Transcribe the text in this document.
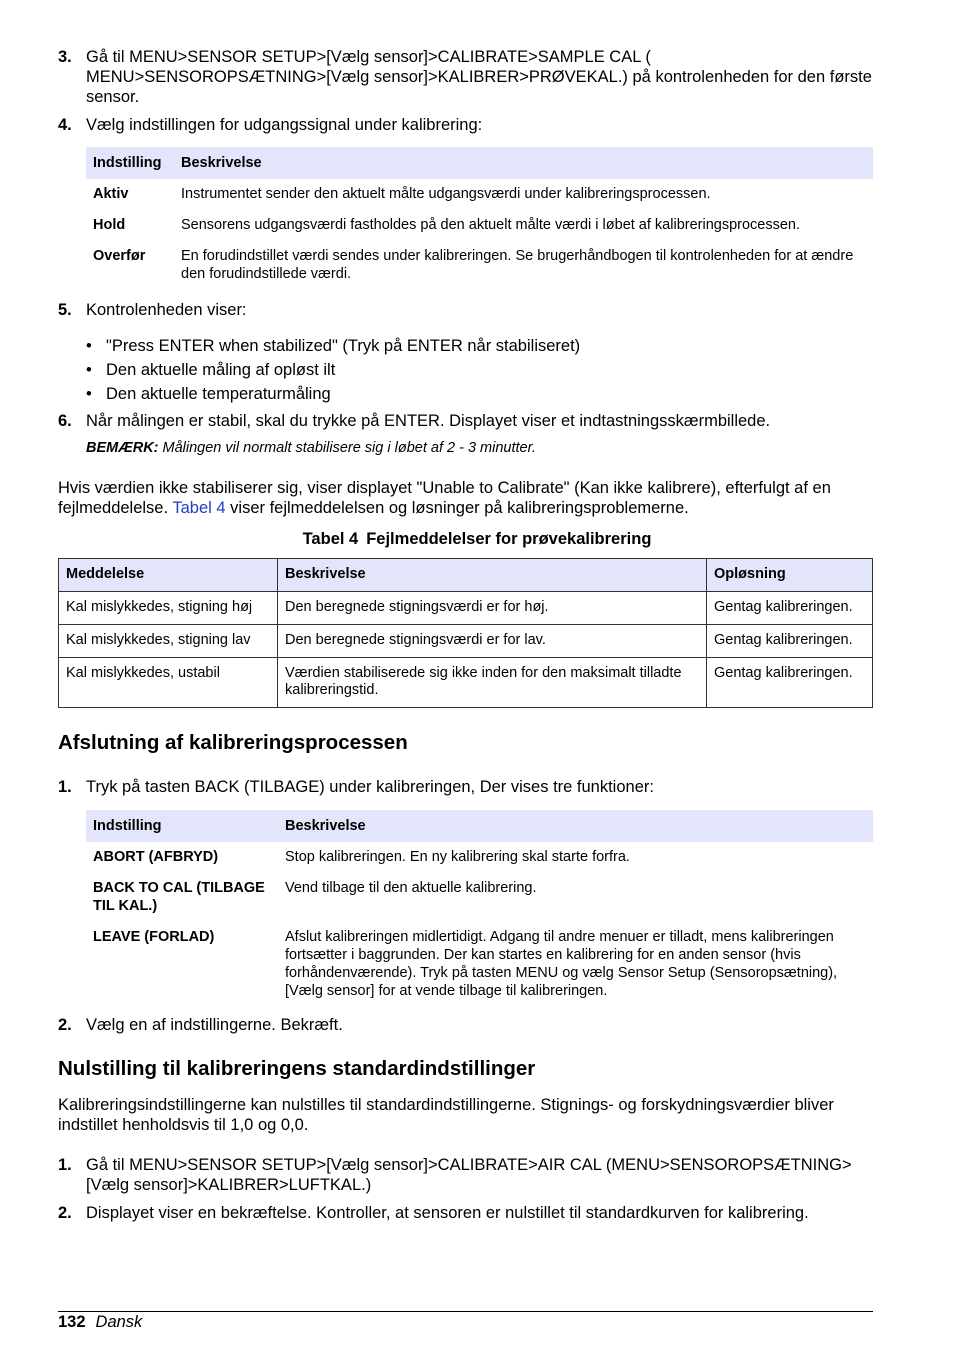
3. Gå til MENU>SENSOR SETUP>[Vælg sensor]>CALIBRATE>SAMPLE CAL ( MENU>SENSOROPSÆTNING>[Vælg sensor]>KALIBRER>PRØVEKAL.) på kontrolenheden for den første sensor.
4. Vælg indstillingen for udgangssignal under kalibrering:
Indstilling	Beskrivelse
Aktiv	Instrumentet sender den aktuelt målte udgangsværdi under kalibreringsprocessen.
Hold	Sensorens udgangsværdi fastholdes på den aktuelt målte værdi i løbet af kalibreringsprocessen.
Overfør	En forudindstillet værdi sendes under kalibreringen. Se brugerhåndbogen til kontrolenheden for at ændre den forudindstillede værdi.
5. Kontrolenheden viser:
• "Press ENTER when stabilized" (Tryk på ENTER når stabiliseret)
• Den aktuelle måling af opløst ilt
• Den aktuelle temperaturmåling
6. Når målingen er stabil, skal du trykke på ENTER. Displayet viser et indtastningsskærmbillede.
BEMÆRK: Målingen vil normalt stabilisere sig i løbet af 2 - 3 minutter.
Hvis værdien ikke stabiliserer sig, viser displayet "Unable to Calibrate" (Kan ikke kalibrere), efterfulgt af en fejlmeddelelse. Tabel 4 viser fejlmeddelelsen og løsninger på kalibreringsproblemerne.
Tabel 4 Fejlmeddelelser for prøvekalibrering
Meddelelse	Beskrivelse	Opløsning
Kal mislykkedes, stigning høj	Den beregnede stigningsværdi er for høj.	Gentag kalibreringen.
Kal mislykkedes, stigning lav	Den beregnede stigningsværdi er for lav.	Gentag kalibreringen.
Kal mislykkedes, ustabil	Værdien stabiliserede sig ikke inden for den maksimalt tilladte kalibreringstid.	Gentag kalibreringen.
Afslutning af kalibreringsprocessen
1. Tryk på tasten BACK (TILBAGE) under kalibreringen, Der vises tre funktioner:
Indstilling	Beskrivelse
ABORT (AFBRYD)	Stop kalibreringen. En ny kalibrering skal starte forfra.
BACK TO CAL (TILBAGE TIL KAL.)	Vend tilbage til den aktuelle kalibrering.
LEAVE (FORLAD)	Afslut kalibreringen midlertidigt. Adgang til andre menuer er tilladt, mens kalibreringen fortsætter i baggrunden. Der kan startes en kalibrering for en anden sensor (hvis forhåndenværende). Tryk på tasten MENU og vælg Sensor Setup (Sensoropsætning), [Vælg sensor] for at vende tilbage til kalibreringen.
2. Vælg en af indstillingerne. Bekræft.
Nulstilling til kalibreringens standardindstillinger
Kalibreringsindstillingerne kan nulstilles til standardindstillingerne. Stignings- og forskydningsværdier bliver indstillet henholdsvis til 1,0 og 0,0.
1. Gå til MENU>SENSOR SETUP>[Vælg sensor]>CALIBRATE>AIR CAL (MENU>SENSOROPSÆTNING>[Vælg sensor]>KALIBRER>LUFTKAL.)
2. Displayet viser en bekræftelse. Kontroller, at sensoren er nulstillet til standardkurven for kalibrering.
132 Dansk
